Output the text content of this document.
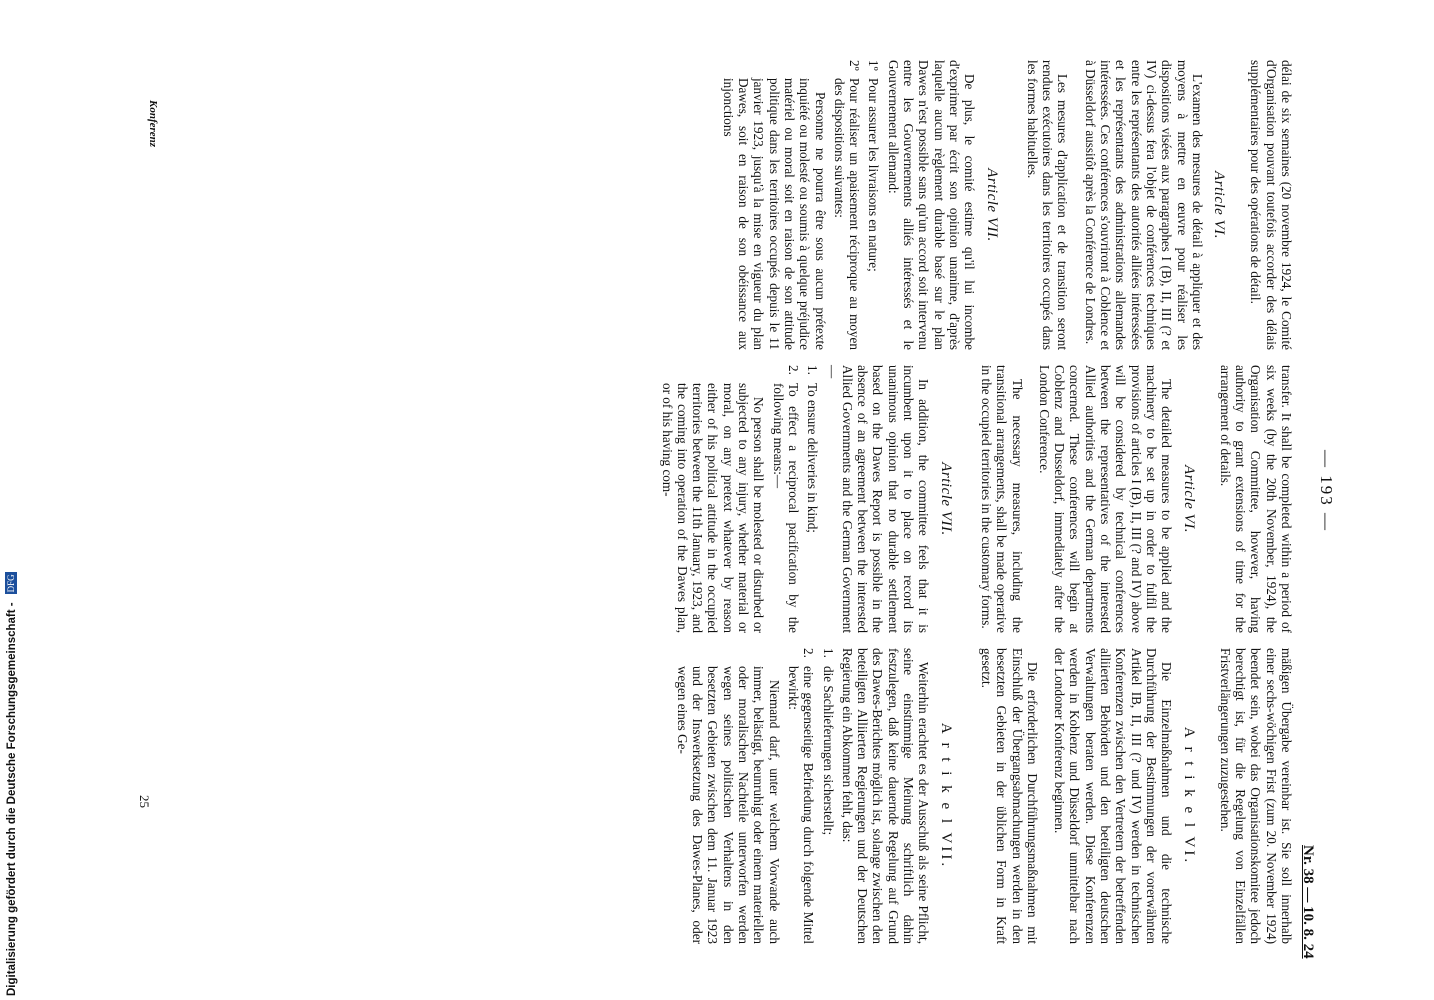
Nr. 38 — 10. 8. 24
— 193 —

mäßigen Übergabe vereinbar ist. Sie soll innerhalb einer sechs-wöchigen Frist (zum 20. November 1924) beendet sein, wobei das Organisationskomitee jedoch berechtigt ist, für die Regelung von Einzelfällen Fristverlängerungen zuzugestehen.

A r t i k e l VI.

Die Einzelmaßnahmen und die technische Durchführung der Bestimmungen der vorerwähnten Artikel IB, II, III (? und IV) werden in technischen Konferenzen zwischen den Vertretern der betreffenden alliierten Behörden und den beteiligten deutschen Verwaltungen beraten werden. Diese Konferenzen werden in Koblenz und Düsseldorf unmittelbar nach der Londoner Konferenz beginnen.

Die erforderlichen Durchführungsmaßnahmen mit Einschluß der Übergangsabmachungen werden in den besetzten Gebieten in der üblichen Form in Kraft gesetzt.

A r t i k e l VII.

Weiterhin erachtet es der Ausschuß als seine Pflicht, seine einstimmige Meinung schriftlich dahin festzulegen, daß keine dauernde Regelung auf Grund des Dawes-Berichtes möglich ist, solange zwischen den beteiligten Alliierten Regierungen und der Deutschen Regierung ein Abkommen fehlt, das:

1.
die Sachlieferungen sicherstellt;
2.
eine gegenseitige Befriedung durch folgende Mittel bewirkt:

Niemand darf, unter welchem Vorwande auch immer, belästigt, beunruhigt oder einem materiellen oder moralischen Nachteile unterworfen werden wegen seines politischen Verhaltens in den besetzten Gebieten zwischen dem 11. Januar 1923 und der Inswerksetzung des Dawes-Planes, oder wegen eines Ge-

transfer. It shall be completed within a period of six weeks (by the 20th November, 1924), the Organisation Committee, however, having authority to grant extensions of time for the arrangement of details.

Article VI.

The detailed measures to be applied and the machinery to be set up in order to fulfil the provisions of articles I (B), II, III (? and IV) above will be considered by technical conferences between the representatives of the interested Allied authorities and the German departments concerned. These conferences will begin at Coblenz and Dusseldorf, immediately after the London Conference.

The necessary measures, including the transitional arrangements, shall be made operative in the occupied territories in the customary forms.

Article VII.

In addition, the committee feels that it is incumbent upon it to place on record its unanimous opinion that no durable settlement based on the Dawes Report is possible in the absence of an agreement between the interested Allied Governments and the German Government —

1.
To ensure deliveries in kind;
2.
To effect a reciprocal pacification by the following means:—

No person shall be molested or disturbed or subjected to any injury, whether material or moral, on any pretext whatever by reason either of his political attitude in the occupied territories between the 11th January, 1923, and the coming into operation of the Dawes plan, or of his having com-

délai de six semaines (20 novembre 1924, le Comité d'Organisation pouvant toutefois accorder des délais supplémentaires pour des opérations de détail.

Article VI.

L'examen des mesures de détail à appliquer et des moyens à mettre en œuvre pour réaliser les dispositions visées aux paragraphes I (B), II, III (? et IV) ci-dessus fera l'objet de conférences techniques entre les représentants des autorités alliées intéressées et les représentants des administrations allemandes intéressées. Ces conférences s'ouvriront à Coblence et à Düsseldorf aussitôt après la Conférence de Londres.

Les mesures d'application et de transition seront rendues exécutoires dans les territoires occupés dans les formes habituelles.

Article VII.

De plus, le comité estime qu'il lui incombe d'exprimer par écrit son opinion unanime, d'après laquelle aucun règlement durable basé sur le plan Dawes n'est possible sans qu'un accord soit intervenu entre les Gouvernements alliés intéressés et le Gouvernement allemand:

1º
Pour assurer les livraisons en nature;
2º
Pour réaliser un apaisement réciproque au moyen des dispositions suivantes:

Personne ne pourra être sous aucun prétexte inquiété ou molesté ou soumis à quelque préjudice matériel ou moral soit en raison de son attitude politique dans les territoires occupés depuis le 11 janvier 1923, jusqu'à la mise en vigueur du plan Dawes, soit en raison de son obéissance aux injonctions

Konferenz
25
Digitalisierung gefördert durch die Deutsche Forschungsgemeinschaft - DFG
